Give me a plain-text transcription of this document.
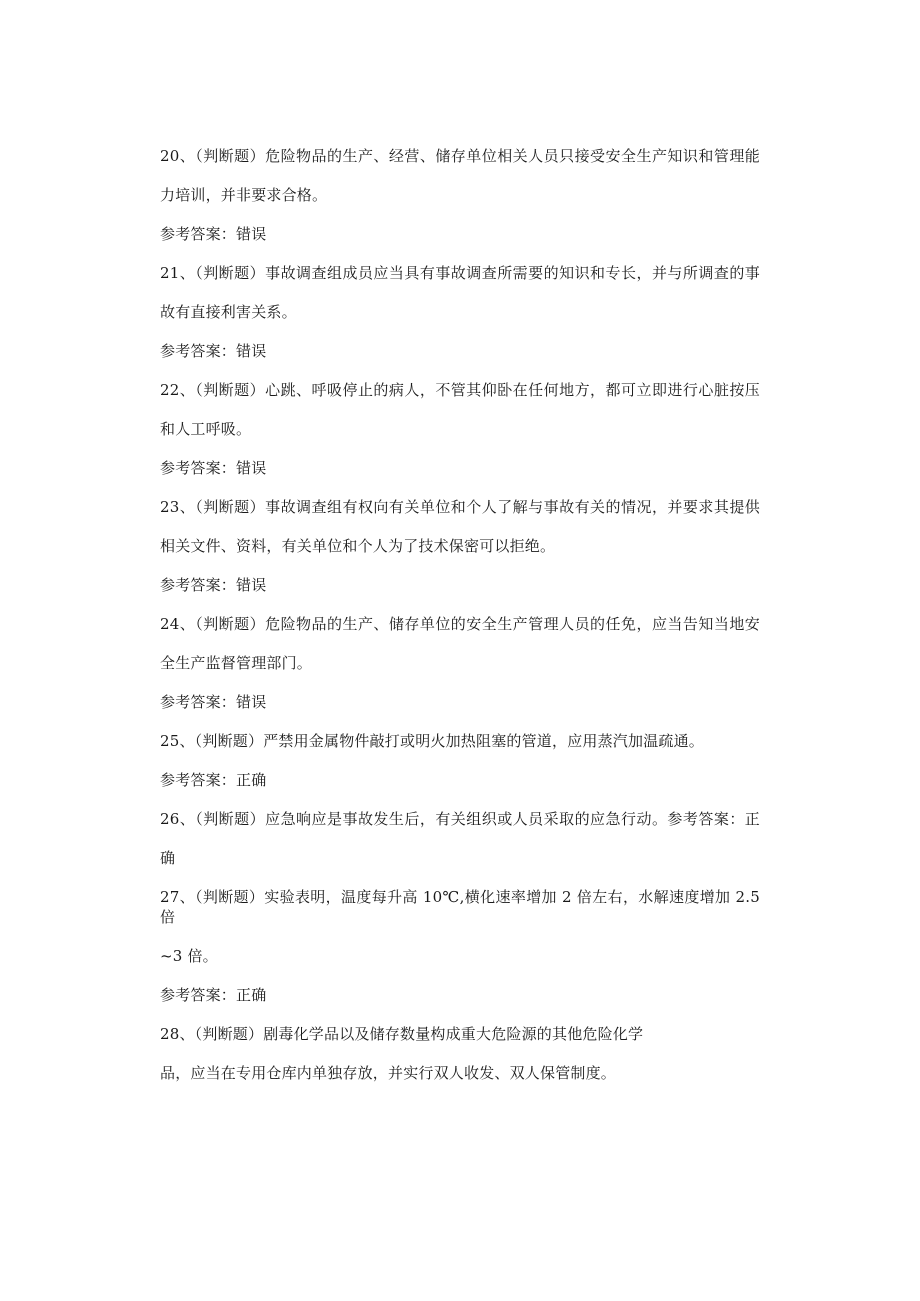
20、（判断题）危险物品的生产、经营、储存单位相关人员只接受安全生产知识和管理能
力培训，并非要求合格。
参考答案：错误
21、（判断题）事故调查组成员应当具有事故调查所需要的知识和专长，并与所调查的事
故有直接利害关系。
参考答案：错误
22、（判断题）心跳、呼吸停止的病人，不管其仰卧在任何地方，都可立即进行心脏按压
和人工呼吸。
参考答案：错误
23、（判断题）事故调查组有权向有关单位和个人了解与事故有关的情况，并要求其提供
相关文件、资料，有关单位和个人为了技术保密可以拒绝。
参考答案：错误
24、（判断题）危险物品的生产、储存单位的安全生产管理人员的任免，应当告知当地安
全生产监督管理部门。
参考答案：错误
25、（判断题）严禁用金属物件敲打或明火加热阻塞的管道，应用蒸汽加温疏通。
参考答案：正确
26、（判断题）应急响应是事故发生后，有关组织或人员采取的应急行动。参考答案：正
确
27、（判断题）实验表明，温度每升高 10℃,横化速率增加 2 倍左右，水解速度增加 2.5 倍
~3 倍。
参考答案：正确
28、（判断题）剧毒化学品以及储存数量构成重大危险源的其他危险化学
品，应当在专用仓库内单独存放，并实行双人收发、双人保管制度。
